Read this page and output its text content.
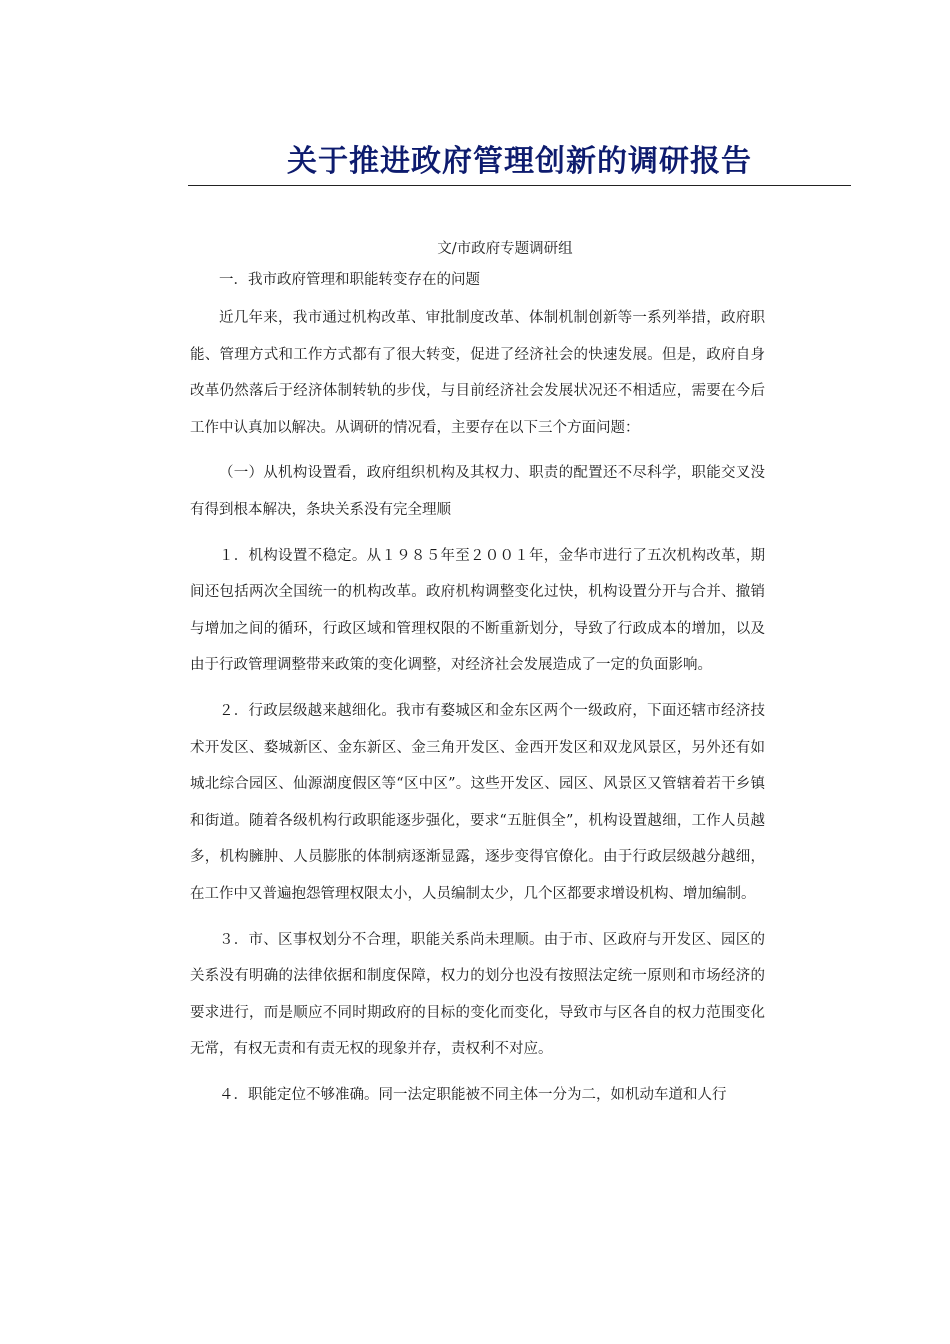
关于推进政府管理创新的调研报告

文/市政府专题调研组

一．我市政府管理和职能转变存在的问题

近几年来，我市通过机构改革、审批制度改革、体制机制创新等一系列举措，政府职能、管理方式和工作方式都有了很大转变，促进了经济社会的快速发展。但是，政府自身改革仍然落后于经济体制转轨的步伐，与目前经济社会发展状况还不相适应，需要在今后工作中认真加以解决。从调研的情况看，主要存在以下三个方面问题：

（一）从机构设置看，政府组织机构及其权力、职责的配置还不尽科学，职能交叉没有得到根本解决，条块关系没有完全理顺

１．机构设置不稳定。从１９８５年至２００１年，金华市进行了五次机构改革，期间还包括两次全国统一的机构改革。政府机构调整变化过快，机构设置分开与合并、撤销与增加之间的循环，行政区域和管理权限的不断重新划分，导致了行政成本的增加，以及由于行政管理调整带来政策的变化调整，对经济社会发展造成了一定的负面影响。

２．行政层级越来越细化。我市有婺城区和金东区两个一级政府，下面还辖市经济技术开发区、婺城新区、金东新区、金三角开发区、金西开发区和双龙风景区，另外还有如城北综合园区、仙源湖度假区等“区中区”。这些开发区、园区、风景区又管辖着若干乡镇和街道。随着各级机构行政职能逐步强化，要求“五脏俱全”，机构设置越细，工作人员越多，机构臃肿、人员膨胀的体制病逐渐显露，逐步变得官僚化。由于行政层级越分越细，在工作中又普遍抱怨管理权限太小，人员编制太少，几个区都要求增设机构、增加编制。

３．市、区事权划分不合理，职能关系尚未理顺。由于市、区政府与开发区、园区的关系没有明确的法律依据和制度保障，权力的划分也没有按照法定统一原则和市场经济的要求进行，而是顺应不同时期政府的目标的变化而变化，导致市与区各自的权力范围变化无常，有权无责和有责无权的现象并存，责权利不对应。

４．职能定位不够准确。同一法定职能被不同主体一分为二，如机动车道和人行
